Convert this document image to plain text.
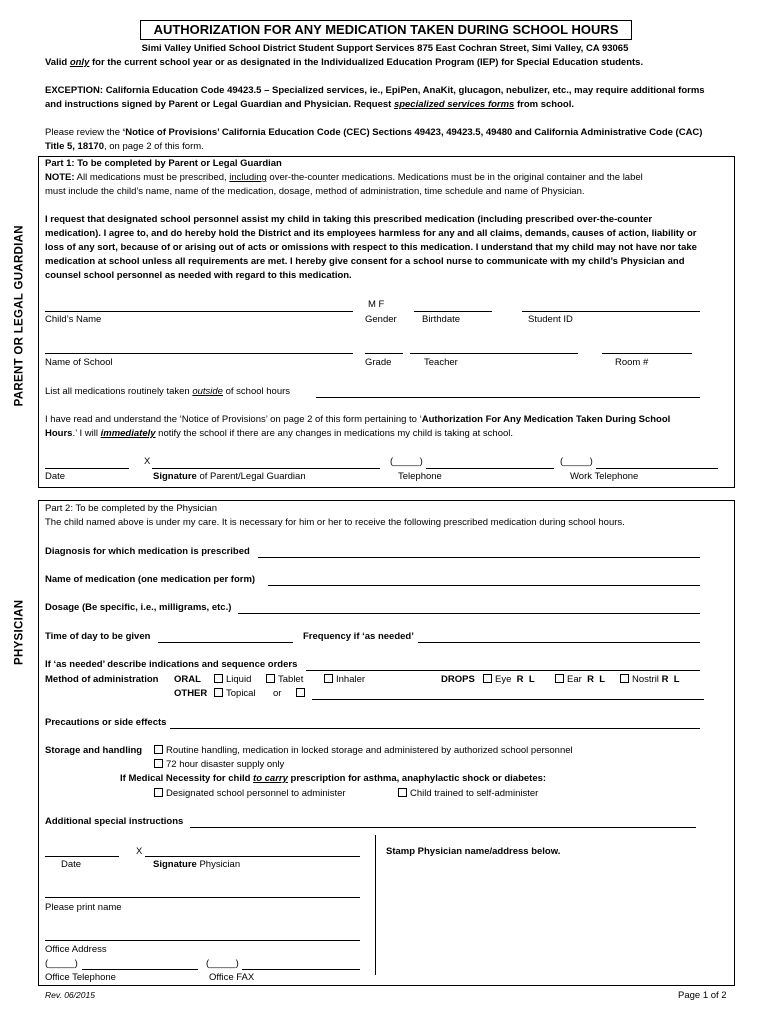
AUTHORIZATION FOR ANY MEDICATION TAKEN DURING SCHOOL HOURS
Simi Valley Unified School District Student Support Services 875 East Cochran Street, Simi Valley, CA 93065
Valid only for the current school year or as designated in the Individualized Education Program (IEP) for Special Education students.
EXCEPTION: California Education Code 49423.5 – Specialized services, ie., EpiPen, AnaKit, glucagon, nebulizer, etc., may require additional forms
and instructions signed by Parent or Legal Guardian and Physician. Request specialized services forms from school.
Please review the ‘Notice of Provisions’ California Education Code (CEC) Sections 49423, 49423.5, 49480 and California Administrative Code (CAC)
Title 5, 18170, on page 2 of this form.
PARENT OR LEGAL GUARDIAN
Part 1: To be completed by Parent or Legal Guardian
NOTE: All medications must be prescribed, including over-the-counter medications. Medications must be in the original container and the label
must include the child’s name, name of the medication, dosage, method of administration, time schedule and name of Physician.
I request that designated school personnel assist my child in taking this prescribed medication (including prescribed over-the-counter
medication). I agree to, and do hereby hold the District and its employees harmless for any and all claims, demands, causes of action, liability or
loss of any sort, because of or arising out of acts or omissions with respect to this medication. I understand that my child may not have nor take
medication at school unless all requirements are met. I hereby give consent for a school nurse to communicate with my child’s Physician and
counsel school personnel as needed with regard to this medication.
M F
Child’s Name	Gender	Birthdate	Student ID
Name of School	Grade	Teacher	Room #
List all medications routinely taken outside of school hours
I have read and understand the ‘Notice of Provisions’ on page 2 of this form pertaining to ‘Authorization For Any Medication Taken During School
Hours.’ I will immediately notify the school if there are any changes in medications my child is taking at school.
X	(_____)	(_____)
Date	Signature of Parent/Legal Guardian	Telephone	Work Telephone
PHYSICIAN
Part 2: To be completed by the Physician
The child named above is under my care. It is necessary for him or her to receive the following prescribed medication during school hours.
Diagnosis for which medication is prescribed
Name of medication (one medication per form)
Dosage (Be specific, i.e., milligrams, etc.)
Time of day to be given	Frequency if ‘as needed’
If ‘as needed’ describe indications and sequence orders
Method of administration ORAL	Liquid	Tablet	Inhaler	DROPS	Eye R L	Ear R L	Nostril R L
OTHER	Topical or
Precautions or side effects
Storage and handling	Routine handling, medication in locked storage and administered by authorized school personnel
72 hour disaster supply only
If Medical Necessity for child to carry prescription for asthma, anaphylactic shock or diabetes:
Designated school personnel to administer	Child trained to self-administer
Additional special instructions
Stamp Physician name/address below.
X
Date	Signature Physician
Please print name
Office Address
(_____)	(_____)
Office Telephone	Office FAX
Rev. 06/2015	Page 1 of 2
